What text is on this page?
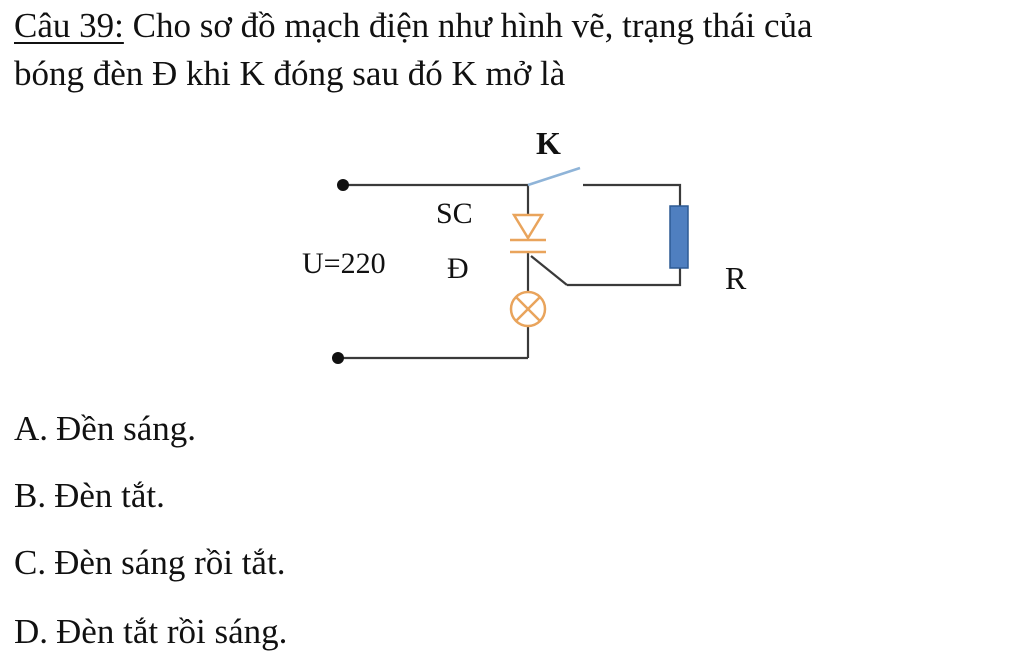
Câu 39: Cho sơ đồ mạch điện như hình vẽ, trạng thái của
bóng đèn Đ khi K đóng sau đó K mở là
K
SC
U=220 Đ	R
A. Đền sáng.
B. Đèn tắt.
C. Đèn sáng rồi tắt.
D. Đèn tắt rồi sáng.
